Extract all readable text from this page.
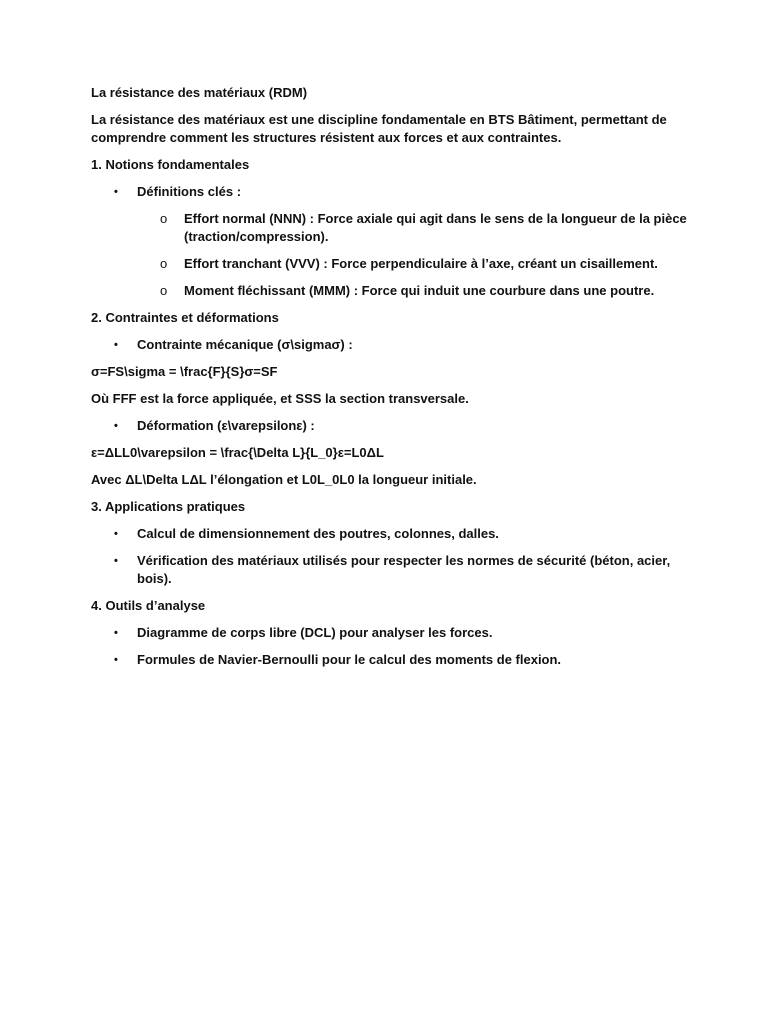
La résistance des matériaux (RDM)

La résistance des matériaux est une discipline fondamentale en BTS Bâtiment, permettant de comprendre comment les structures résistent aux forces et aux contraintes.

1. Notions fondamentales

• Définitions clés :
o Effort normal (NNN) : Force axiale qui agit dans le sens de la longueur de la pièce (traction/compression).
o Effort tranchant (VVV) : Force perpendiculaire à l’axe, créant un cisaillement.
o Moment fléchissant (MMM) : Force qui induit une courbure dans une poutre.

2. Contraintes et déformations

• Contrainte mécanique (σ\sigmaσ) :

σ=FS\sigma = \frac{F}{S}σ=SF

Où FFF est la force appliquée, et SSS la section transversale.

• Déformation (ε\varepsilonε) :

ε=ΔLL0\varepsilon = \frac{\Delta L}{L_0}ε=L0ΔL

Avec ΔL\Delta LΔL l’élongation et L0L_0L0 la longueur initiale.

3. Applications pratiques

• Calcul de dimensionnement des poutres, colonnes, dalles.
• Vérification des matériaux utilisés pour respecter les normes de sécurité (béton, acier, bois).

4. Outils d’analyse

• Diagramme de corps libre (DCL) pour analyser les forces.
• Formules de Navier-Bernoulli pour le calcul des moments de flexion.
